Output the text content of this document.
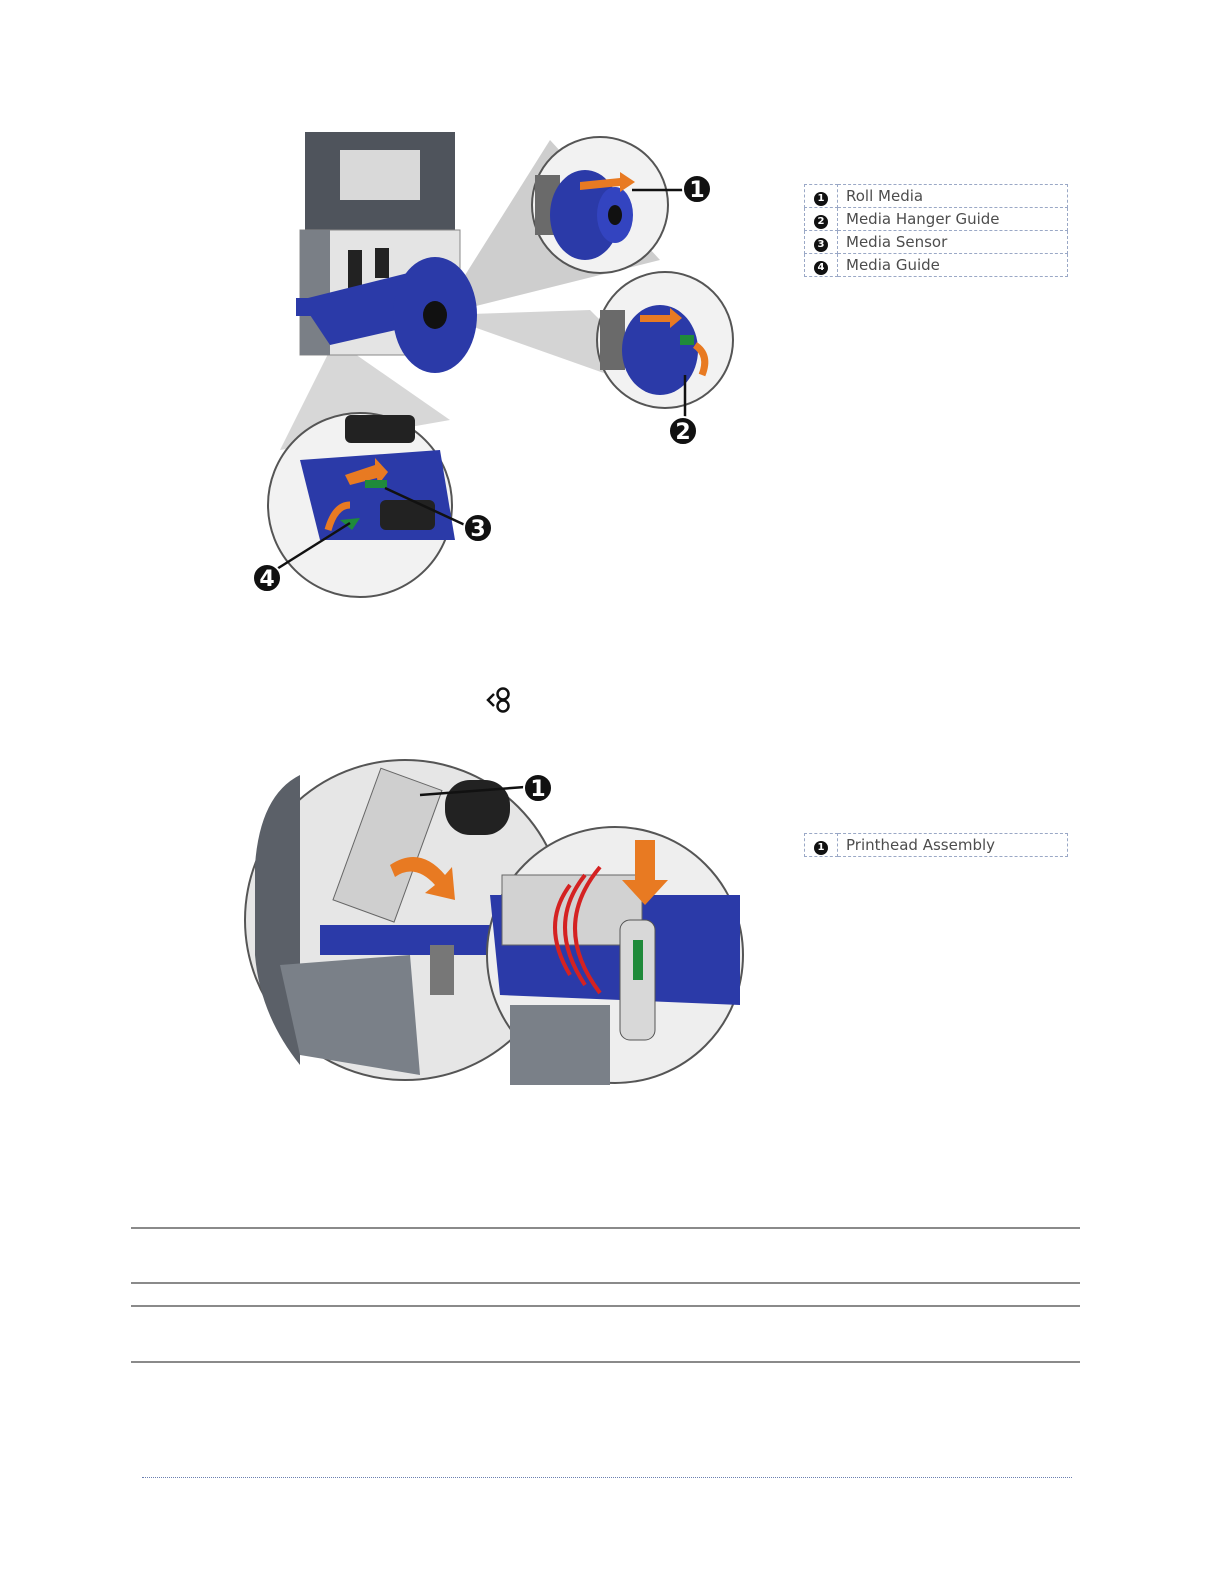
1
2
3
4
1	Roll Media
2	Media Hanger Guide
3	Media Sensor
4	Media Guide
1
1	Printhead Assembly
